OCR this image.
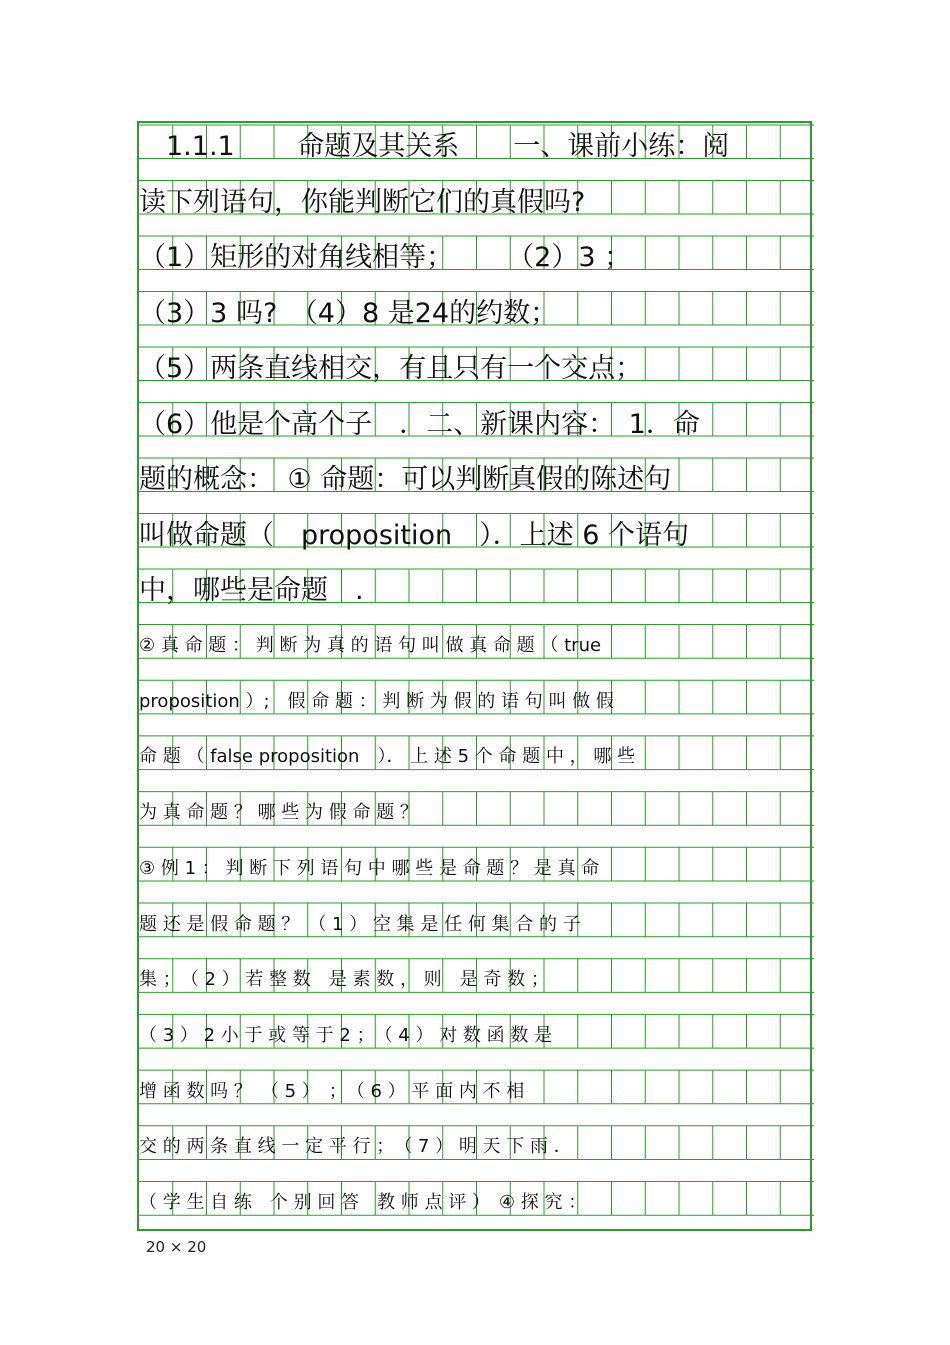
　1.1.1 　　命题及其关系　　一、课前小练：阅
读下列语句，你能判断它们的真假吗?
（1）矩形的对角线相等；　　　（2）3 ；
（3）3 吗?　（4）8 是24的约数；
（5）两条直线相交，有且只有一个交点；
（6）他是个高个子　．二、新课内容：　1．命
题的概念：　① 命题：可以判断真假的陈述句
叫做命题（　proposition　）．上述 6 个语句
中，哪些是命题　.
② 真 命 题 ： 判 断 为 真 的 语 句 叫 做 真 命 题 （ true
proposition ）;　假 命 题 ： 判 断 为 假 的 语 句 叫 做 假
命 题 （ false proposition　）． 上 述 5 个 命 题 中 ， 哪 些
为 真 命 题 ？ 哪 些 为 假 命 题 ？
③ 例 1 ： 判 断 下 列 语 句 中 哪 些 是 命 题 ？ 是 真 命
题 还 是 假 命 题 ？　（ 1 ） 空 集 是 任 何 集 合 的 子
集 ；　（ 2 ） 若 整 数　是 素 数 ， 则　是 奇 数 ；
（ 3 ） 2 小 于 或 等 于 2 ；　（ 4 ） 对 数 函 数 是
增 函 数 吗 ？　（ 5 ）　；　（ 6 ） 平 面 内 不 相
交 的 两 条 直 线 一 定 平 行 ；　（ 7 ） 明 天 下 雨 ．
（ 学 生 自 练　个 别 回 答　教 师 点 评 ）　④ 探 究 ：
20 × 20
